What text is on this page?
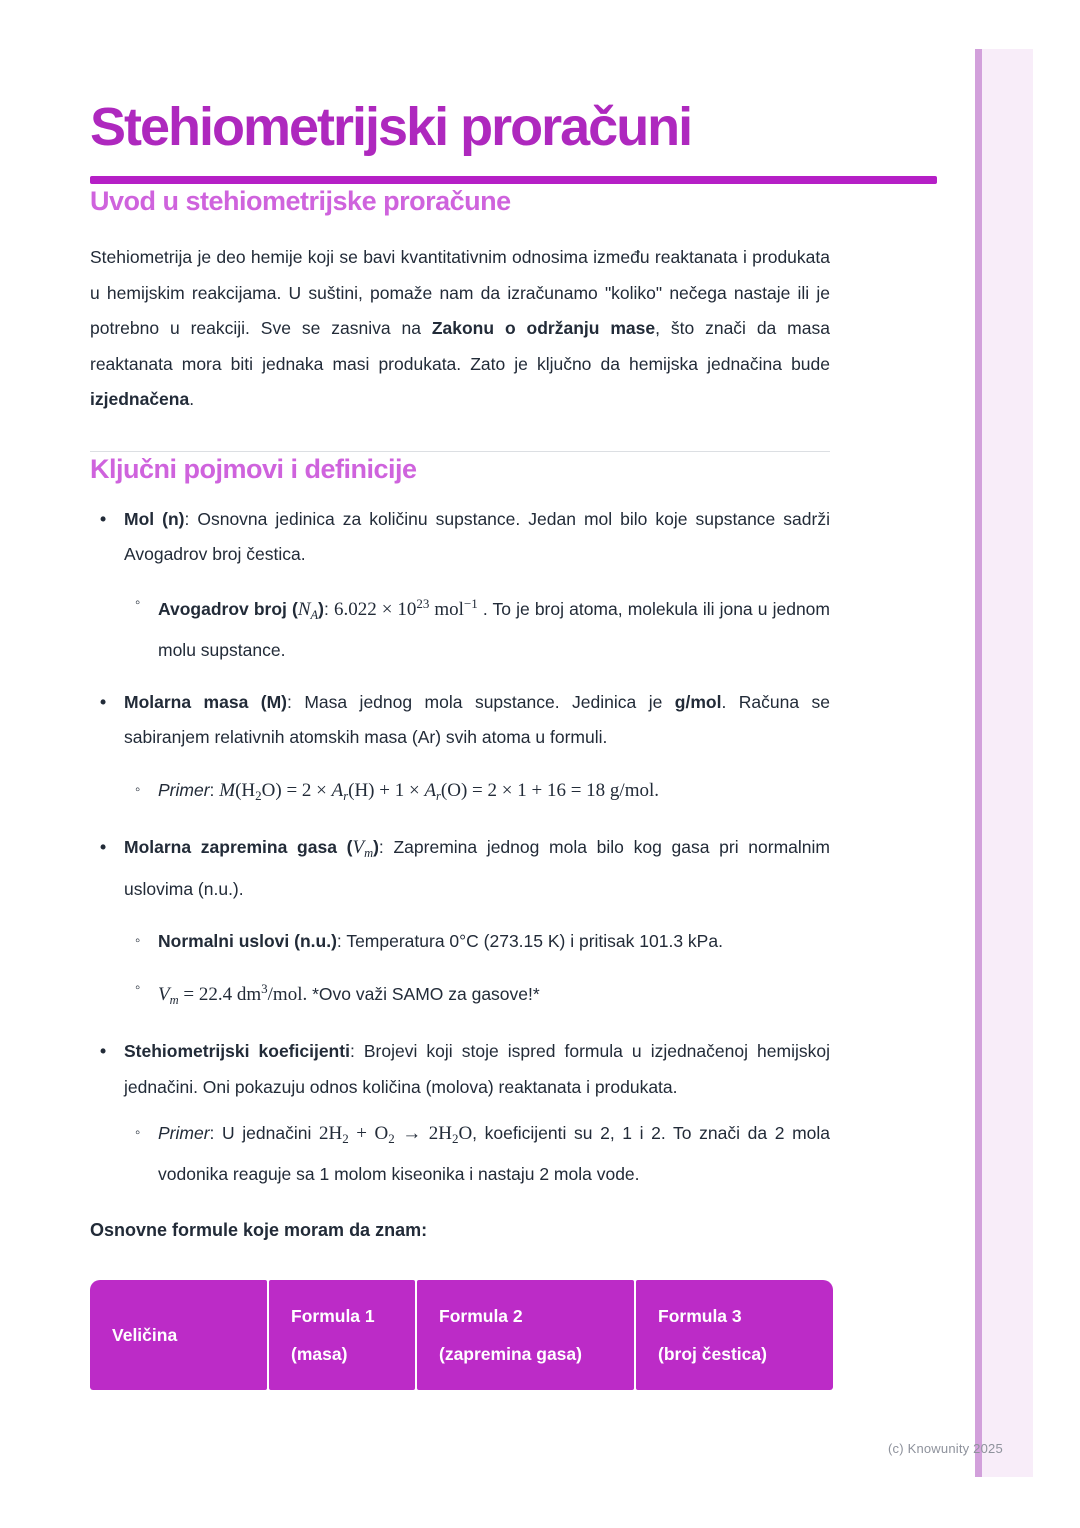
Stehiometrijski proračuni
Uvod u stehiometrijske proračune

Stehiometrija je deo hemije koji se bavi kvantitativnim odnosima između reaktanata i produkata u hemijskim reakcijama. U suštini, pomaže nam da izračunamo "koliko" nečega nastaje ili je potrebno u reakciji. Sve se zasniva na Zakonu o održanju mase, što znači da masa reaktanata mora biti jednaka masi produkata. Zato je ključno da hemijska jednačina bude izjednačena.

Ključni pojmovi i definicije
• Mol (n): Osnovna jedinica za količinu supstance. Jedan mol bilo koje supstance sadrži Avogadrov broj čestica.
◦ Avogadrov broj $(N_A)$: $6.022 \times 10^{23}$ mol$^{-1}$ . To je broj atoma, molekula ili jona u jednom molu supstance.
• Molarna masa (M): Masa jednog mola supstance. Jedinica je g/mol. Računa se sabiranjem relativnih atomskih masa (Ar) svih atoma u formuli.
◦ Primer: $M(H_2O) = 2 \times A_r(H) + 1 \times A_r(O) = 2 \times 1 + 16 = 18$ g/mol.
• Molarna zapremina gasa $(V_m)$: Zapremina jednog mola bilo kog gasa pri normalnim uslovima (n.u.).
◦ Normalni uslovi (n.u.): Temperatura 0°C (273.15 K) i pritisak 101.3 kPa.
◦ $V_m = 22.4$ $dm^3$/mol. *Ovo važi SAMO za gasove!*
• Stehiometrijski koeficijenti: Brojevi koji stoje ispred formula u izjednačenoj hemijskoj jednačini. Oni pokazuju odnos količina (molova) reaktanata i produkata.
◦ Primer: U jednačini $2H_2 + O_2 \to 2H_2O$, koeficijenti su 2, 1 i 2. To znači da 2 mola vodonika reaguje sa 1 molom kiseonika i nastaju 2 mola vode.

Osnovne formule koje moram da znam:

Veličina
Formula 1
(masa)
Formula 2
(zapremina gasa)
Formula 3
(broj čestica)
(c) Knowunity 2025
